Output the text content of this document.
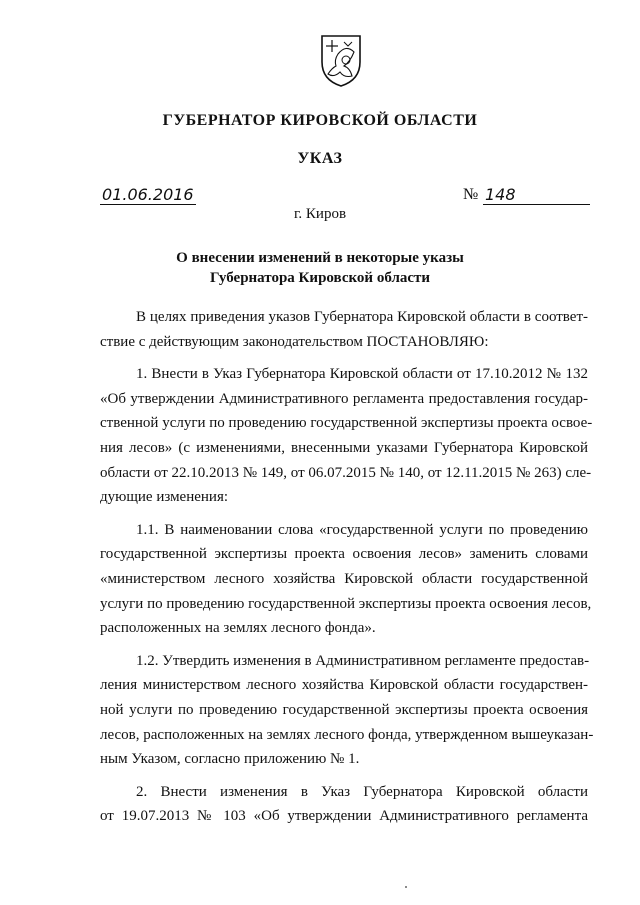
ГУБЕРНАТОР КИРОВСКОЙ ОБЛАСТИ
УКАЗ
01.06.2016	№ 148
г. Киров
О внесении изменений в некоторые указы
Губернатора Кировской области
В целях приведения указов Губернатора Кировской области в соответ-
ствие с действующим законодательством ПОСТАНОВЛЯЮ:
1. Внести в Указ Губернатора Кировской области от 17.10.2012 № 132
«Об утверждении Административного регламента предоставления государ-
ственной услуги по проведению государственной экспертизы проекта освое-
ния лесов» (с изменениями, внесенными указами Губернатора Кировской
области от 22.10.2013 № 149, от 06.07.2015 № 140, от 12.11.2015 № 263) сле-
дующие изменения:
1.1. В наименовании слова «государственной услуги по проведению
государственной экспертизы проекта освоения лесов» заменить словами
«министерством лесного хозяйства Кировской области государственной
услуги по проведению государственной экспертизы проекта освоения лесов,
расположенных на землях лесного фонда».
1.2. Утвердить изменения в Административном регламенте предостав-
ления министерством лесного хозяйства Кировской области государствен-
ной услуги по проведению государственной экспертизы проекта освоения
лесов, расположенных на землях лесного фонда, утвержденном вышеуказан-
ным Указом, согласно приложению № 1.
2. Внести изменения в Указ Губернатора Кировской области
от 19.07.2013 № 103 «Об утверждении Административного регламента
